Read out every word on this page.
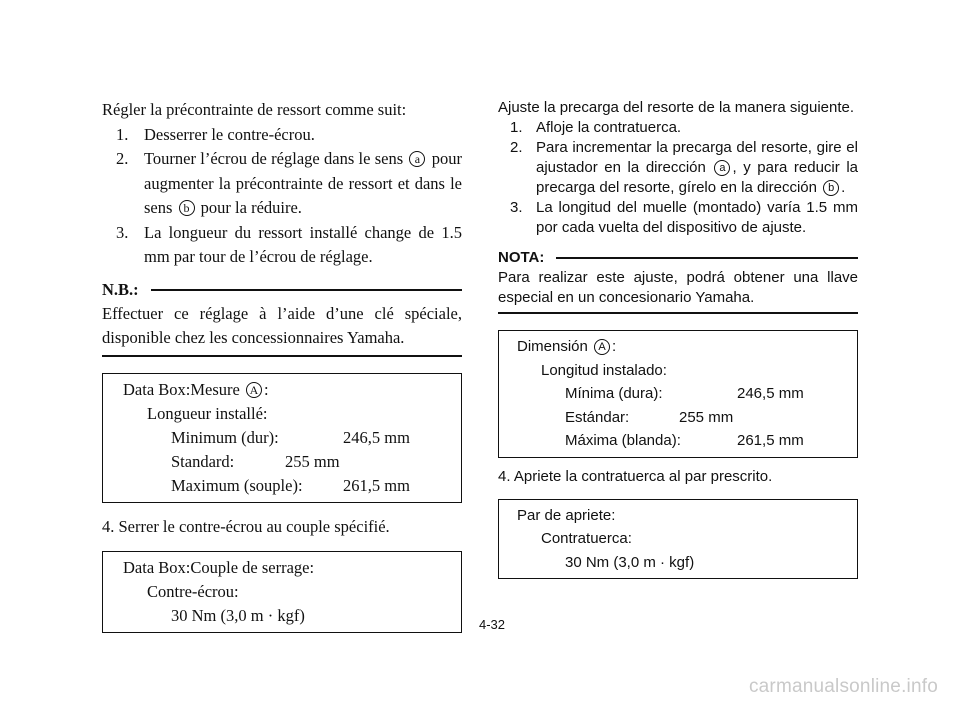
Régler la précontrainte de ressort comme suit:
1. Desserrer le contre-écrou.
2. Tourner l’écrou de réglage dans le sens a pour augmenter la précontrainte de ressort et dans le sens b pour la réduire.
3. La longueur du ressort installé change de 1.5 mm par tour de l’écrou de réglage.
N.B.:
Effectuer ce réglage à l’aide d’une clé spéciale, disponible chez les concessionnaires Yamaha.
Data Box:Mesure A :
Longueur installé:
Minimum (dur):	246,5 mm
Standard:	255 mm
Maximum (souple): 261,5 mm
4. Serrer le contre-écrou au couple spécifié.
Data Box:Couple de serrage:
Contre-écrou:
30 Nm (3,0 m · kgf)
Ajuste la precarga del resorte de la manera siguiente.
1. Afloje la contratuerca.
2. Para incrementar la precarga del resorte, gire el ajustador en la dirección a , y para reducir la precarga del resorte, gírelo en la dirección b .
3. La longitud del muelle (montado) varía 1.5 mm por cada vuelta del dispositivo de ajuste.
NOTA:
Para realizar este ajuste, podrá obtener una llave especial en un concesionario Yamaha.
Dimensión A :
Longitud instalado:
Mínima (dura):	246,5 mm
Estándar:	255 mm
Máxima (blanda):	261,5 mm
4. Apriete la contratuerca al par prescrito.
Par de apriete:
Contratuerca:
30 Nm (3,0 m · kgf)
4-32
carmanualsonline.info
